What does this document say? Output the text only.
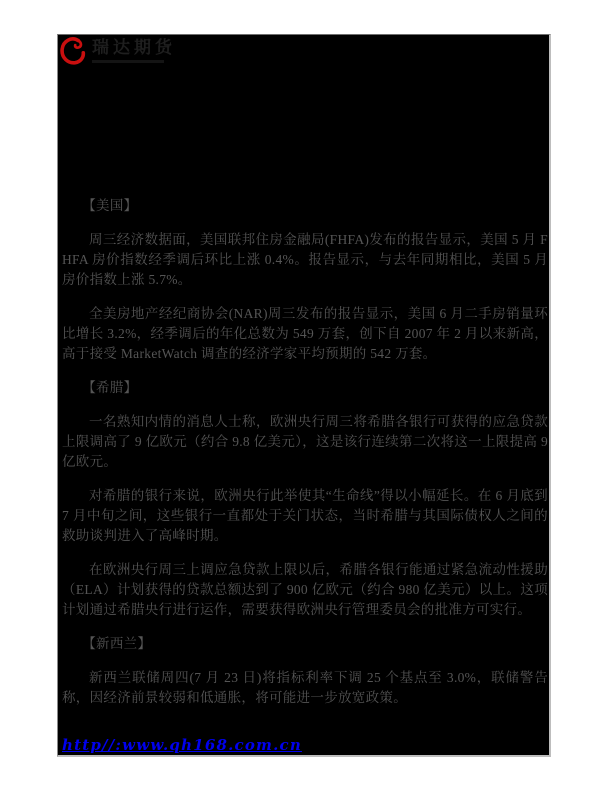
瑞达期货
【美国】

周三经济数据面，美国联邦住房金融局(FHFA)发布的报告显示，美国 5 月 FHFA 房价指数经季调后环比上涨 0.4%。报告显示，与去年同期相比，美国 5 月房价指数上涨 5.7%。

全美房地产经纪商协会(NAR)周三发布的报告显示，美国 6 月二手房销量环比增长 3.2%，经季调后的年化总数为 549 万套，创下自 2007 年 2 月以来新高，高于接受 MarketWatch 调查的经济学家平均预期的 542 万套。

【希腊】

一名熟知内情的消息人士称，欧洲央行周三将希腊各银行可获得的应急贷款上限调高了 9 亿欧元（约合 9.8 亿美元），这是该行连续第二次将这一上限提高 9 亿欧元。

对希腊的银行来说，欧洲央行此举使其“生命线”得以小幅延长。在 6 月底到 7 月中旬之间，这些银行一直都处于关门状态，当时希腊与其国际债权人之间的救助谈判进入了高峰时期。

在欧洲央行周三上调应急贷款上限以后，希腊各银行能通过紧急流动性援助（ELA）计划获得的贷款总额达到了 900 亿欧元（约合 980 亿美元）以上。这项计划通过希腊央行进行运作，需要获得欧洲央行管理委员会的批准方可实行。

【新西兰】

新西兰联储周四(7 月 23 日)将指标利率下调 25 个基点至 3.0%，联储警告称，因经济前景较弱和低通胀，将可能进一步放宽政策。

http//:www.qh168.com.cn
